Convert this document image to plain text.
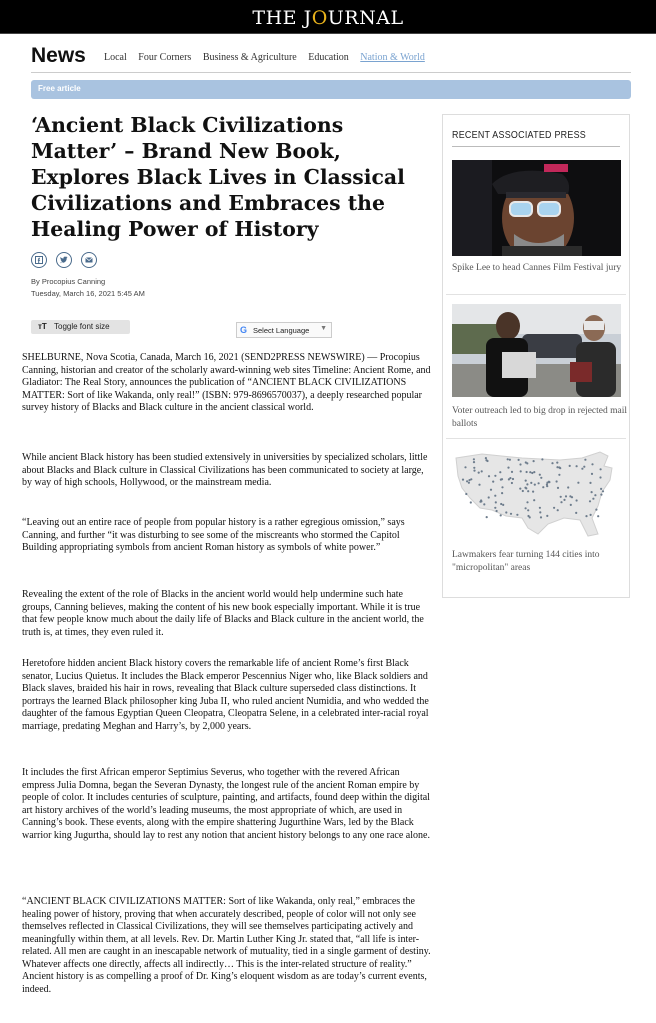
THE JOURNAL
News Local Four Corners Business & Agriculture Education Nation & World
Free article
‘Ancient Black Civilizations Matter’ – Brand New Book, Explores Black Lives in Classical Civilizations and Embraces the Healing Power of History
By Procopius Canning
Tuesday, March 16, 2021 5:45 AM
тT Toggle font size	G Select Language ▼

SHELBURNE, Nova Scotia, Canada, March 16, 2021 (SEND2PRESS NEWSWIRE) — Procopius Canning, historian and creator of the scholarly award-winning web sites Timeline: Ancient Rome, and Gladiator: The Real Story, announces the publication of “ANCIENT BLACK CIVILIZATIONS MATTER: Sort of like Wakanda, only real!” (ISBN: 979-8696570037), a deeply researched popular survey history of Blacks and Black culture in the ancient classical world.

While ancient Black history has been studied extensively in universities by specialized scholars, little about Blacks and Black culture in Classical Civilizations has been communicated to society at large, by way of high schools, Hollywood, or the mainstream media.

“Leaving out an entire race of people from popular history is a rather egregious omission,” says Canning, and further “it was disturbing to see some of the miscreants who stormed the Capitol Building appropriating symbols from ancient Roman history as symbols of white power.”

Revealing the extent of the role of Blacks in the ancient world would help undermine such hate groups, Canning believes, making the content of his new book especially important. While it is true that few people know much about the daily life of Blacks and Black culture in the ancient world, the truth is, at times, they even ruled it.

Heretofore hidden ancient Black history covers the remarkable life of ancient Rome’s first Black senator, Lucius Quietus. It includes the Black emperor Pescennius Niger who, like Black soldiers and Black slaves, braided his hair in rows, revealing that Black culture superseded class distinctions. It portrays the learned Black philosopher king Juba II, who ruled ancient Numidia, and who wedded the daughter of the famous Egyptian Queen Cleopatra, Cleopatra Selene, in a celebrated inter-racial royal marriage, predating Meghan and Harry’s, by 2,000 years.

It includes the first African emperor Septimius Severus, who together with the revered African empress Julia Domna, began the Severan Dynasty, the longest rule of the ancient Roman empire by people of color. It includes centuries of sculpture, painting, and artifacts, found deep within the digital art history archives of the world’s leading museums, the most appropriate of which, are used in Canning’s book. These events, along with the empire shattering Jugurthine Wars, led by the Black warrior king Jugurtha, should lay to rest any notion that ancient history belongs to any one race alone.

“ANCIENT BLACK CIVILIZATIONS MATTER: Sort of like Wakanda, only real,” embraces the healing power of history, proving that when accurately described, people of color will not only see themselves reflected in Classical Civilizations, they will see themselves participating actively and meaningfully within them, at all levels. Rev. Dr. Martin Luther King Jr. stated that, “all life is inter-related. All men are caught in an inescapable network of mutuality, tied in a single garment of destiny. Whatever affects one directly, affects all indirectly… This is the inter-related structure of reality.” Ancient history is as compelling a proof of Dr. King’s eloquent wisdom as are today’s current events, indeed.

RECENT ASSOCIATED PRESS
Spike Lee to head Cannes Film Festival jury
Voter outreach led to big drop in rejected mail ballots
Lawmakers fear turning 144 cities into "micropolitan" areas
